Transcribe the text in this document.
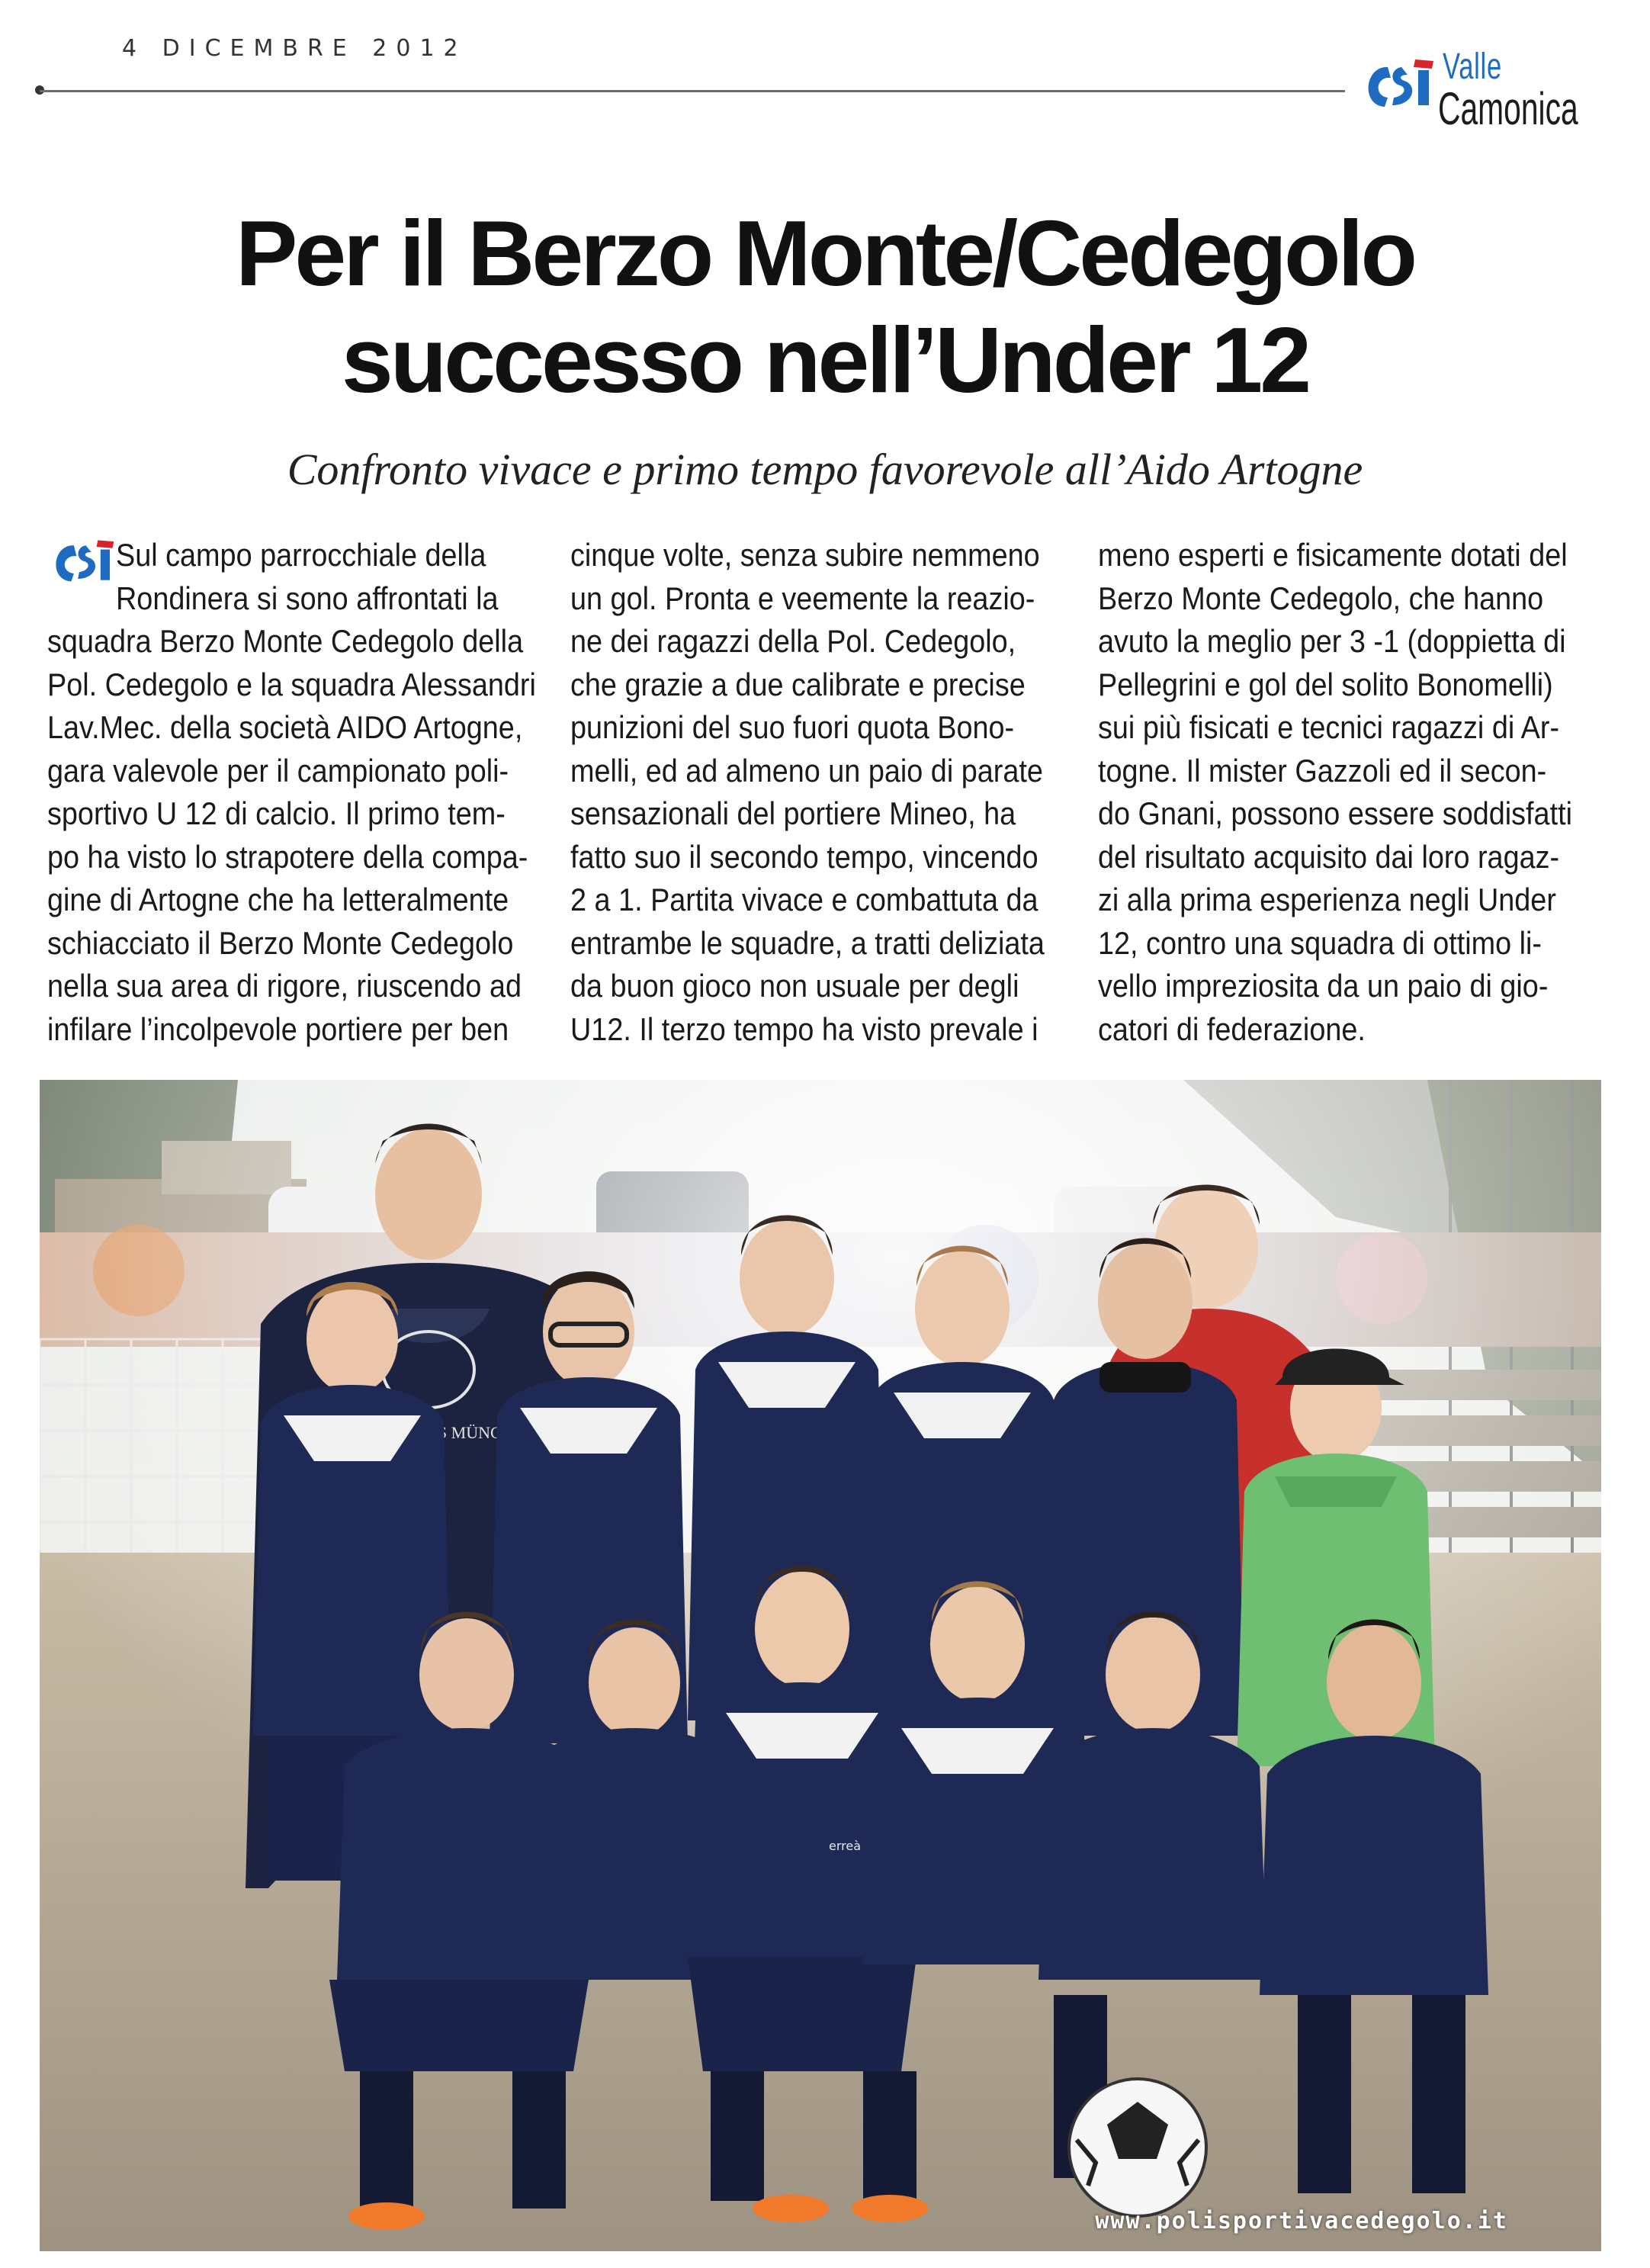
4 DICEMBRE 2012	Valle
Camonica
Per il Berzo Monte/Cedegolo
successo nell’Under 12
Confronto vivace e primo tempo favorevole all’Aido Artogne
Sul campo parrocchiale della
Rondinera si sono affrontati la
squadra Berzo Monte Cedegolo della
Pol. Cedegolo e la squadra Alessandri
Lav.Mec. della società AIDO Artogne,
gara valevole per il campionato poli-
sportivo U 12 di calcio. Il primo tem-
po ha visto lo strapotere della compa-
gine di Artogne che ha letteralmente
schiacciato il Berzo Monte Cedegolo
nella sua area di rigore, riuscendo ad
infilare l’incolpevole portiere per ben
cinque volte, senza subire nemmeno
un gol. Pronta e veemente la reazio-
ne dei ragazzi della Pol. Cedegolo,
che grazie a due calibrate e precise
punizioni del suo fuori quota Bono-
melli, ed ad almeno un paio di parate
sensazionali del portiere Mineo, ha
fatto suo il secondo tempo, vincendo
2 a 1. Partita vivace e combattuta da
entrambe le squadre, a tratti deliziata
da buon gioco non usuale per degli
U12. Il terzo tempo ha visto prevale i
meno esperti e fisicamente dotati del
Berzo Monte Cedegolo, che hanno
avuto la meglio per 3 -1 (doppietta di
Pellegrini e gol del solito Bonomelli)
sui più fisicati e tecnici ragazzi di Ar-
togne. Il mister Gazzoli ed il secon-
do Gnani, possono essere soddisfatti
del risultato acquisito dai loro ragaz-
zi alla prima esperienza negli Under
12, contro una squadra di ottimo li-
vello impreziosita da un paio di gio-
catori di federazione.
MÜNCHEN
erreà
www.polisportivacedegolo.it
